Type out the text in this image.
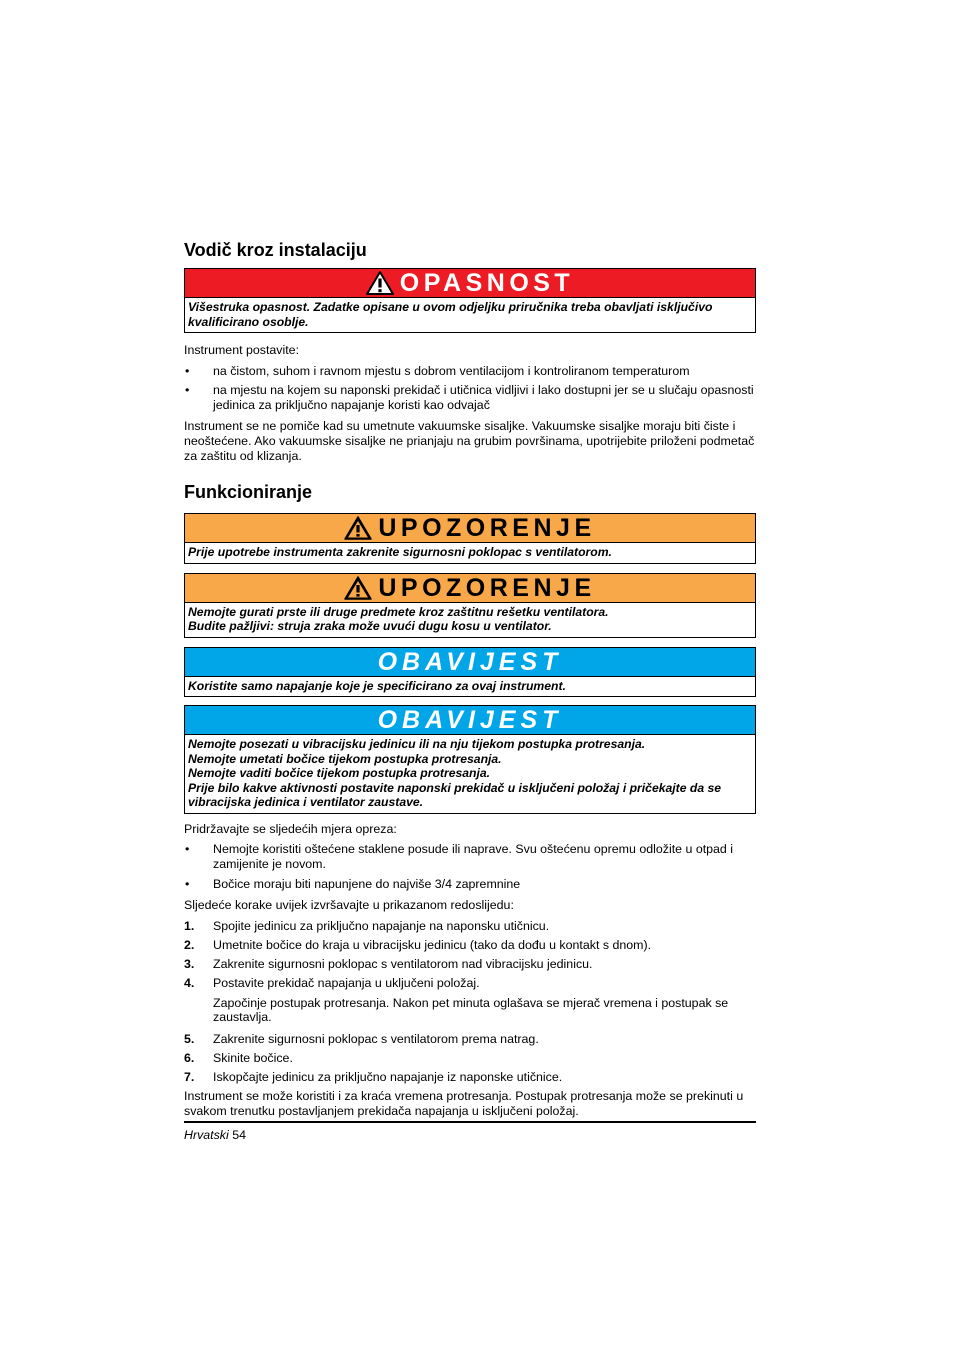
Vodič kroz instalaciju
OPASNOST
Višestruka opasnost. Zadatke opisane u ovom odjeljku priručnika treba obavljati isključivo kvalificirano osoblje.

Instrument postavite:

• na čistom, suhom i ravnom mjestu s dobrom ventilacijom i kontroliranom temperaturom
• na mjestu na kojem su naponski prekidač i utičnica vidljivi i lako dostupni jer se u slučaju opasnosti jedinica za priključno napajanje koristi kao odvajač

Instrument se ne pomiče kad su umetnute vakuumske sisaljke. Vakuumske sisaljke moraju biti čiste i neoštećene. Ako vakuumske sisaljke ne prianjaju na grubim površinama, upotrijebite priloženi podmetač za zaštitu od klizanja.

Funkcioniranje
UPOZORENJE
Prije upotrebe instrumenta zakrenite sigurnosni poklopac s ventilatorom.
UPOZORENJE
Nemojte gurati prste ili druge predmete kroz zaštitnu rešetku ventilatora.
Budite pažljivi: struja zraka može uvući dugu kosu u ventilator.
OBAVIJEST
Koristite samo napajanje koje je specificirano za ovaj instrument.
OBAVIJEST
Nemojte posezati u vibracijsku jedinicu ili na nju tijekom postupka protresanja.
Nemojte umetati bočice tijekom postupka protresanja.
Nemojte vaditi bočice tijekom postupka protresanja.
Prije bilo kakve aktivnosti postavite naponski prekidač u isključeni položaj i pričekajte da se vibracijska jedinica i ventilator zaustave.

Pridržavajte se sljedećih mjera opreza:

• Nemojte koristiti oštećene staklene posude ili naprave. Svu oštećenu opremu odložite u otpad i zamijenite je novom.
• Bočice moraju biti napunjene do najviše 3/4 zapremnine

Sljedeće korake uvijek izvršavajte u prikazanom redoslijedu:

1. Spojite jedinicu za priključno napajanje na naponsku utičnicu.
2. Umetnite bočice do kraja u vibracijsku jedinicu (tako da dođu u kontakt s dnom).
3. Zakrenite sigurnosni poklopac s ventilatorom nad vibracijsku jedinicu.
4. Postavite prekidač napajanja u uključeni položaj.

Započinje postupak protresanja. Nakon pet minuta oglašava se mjerač vremena i postupak se zaustavlja.

5. Zakrenite sigurnosni poklopac s ventilatorom prema natrag.
6. Skinite bočice.
7. Iskopčajte jedinicu za priključno napajanje iz naponske utičnice.

Instrument se može koristiti i za kraća vremena protresanja. Postupak protresanja može se prekinuti u svakom trenutku postavljanjem prekidača napajanja u isključeni položaj.

Hrvatski 54
